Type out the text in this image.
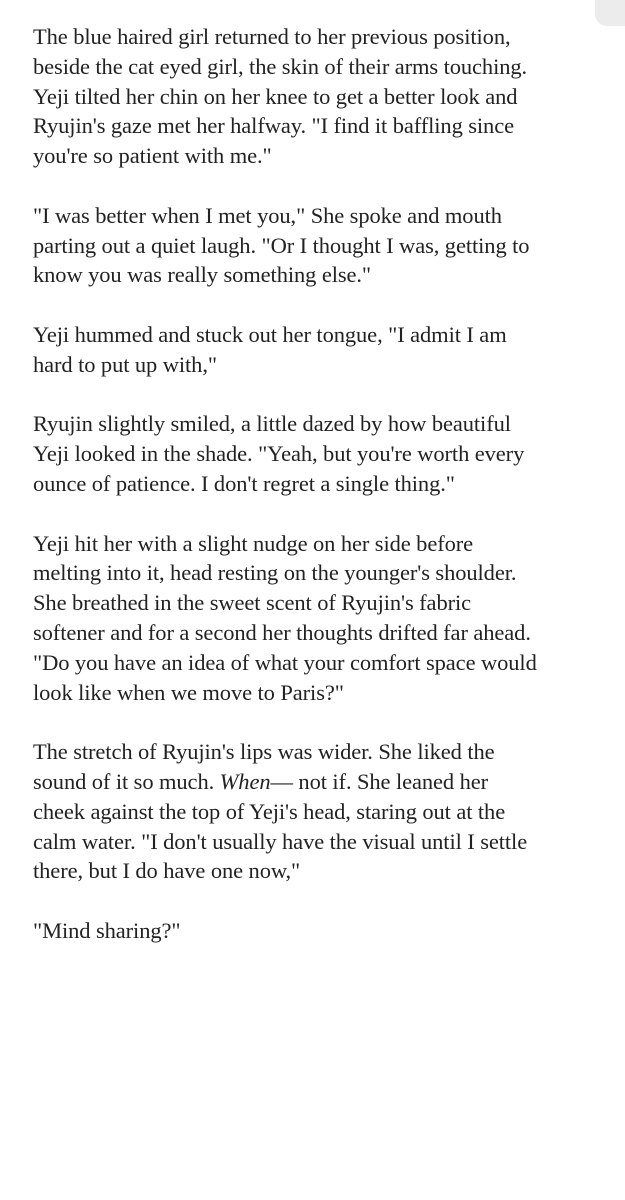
The blue haired girl returned to her previous position,
beside the cat eyed girl, the skin of their arms touching.
Yeji tilted her chin on her knee to get a better look and
Ryujin's gaze met her halfway. "I find it baffling since
you're so patient with me."

"I was better when I met you," She spoke and mouth
parting out a quiet laugh. "Or I thought I was, getting to
know you was really something else."

Yeji hummed and stuck out her tongue, "I admit I am
hard to put up with,"

Ryujin slightly smiled, a little dazed by how beautiful
Yeji looked in the shade. "Yeah, but you're worth every
ounce of patience. I don't regret a single thing."

Yeji hit her with a slight nudge on her side before
melting into it, head resting on the younger's shoulder.
She breathed in the sweet scent of Ryujin's fabric
softener and for a second her thoughts drifted far ahead.
"Do you have an idea of what your comfort space would
look like when we move to Paris?"

The stretch of Ryujin's lips was wider. She liked the
sound of it so much. When— not if. She leaned her
cheek against the top of Yeji's head, staring out at the
calm water. "I don't usually have the visual until I settle
there, but I do have one now,"

"Mind sharing?"
